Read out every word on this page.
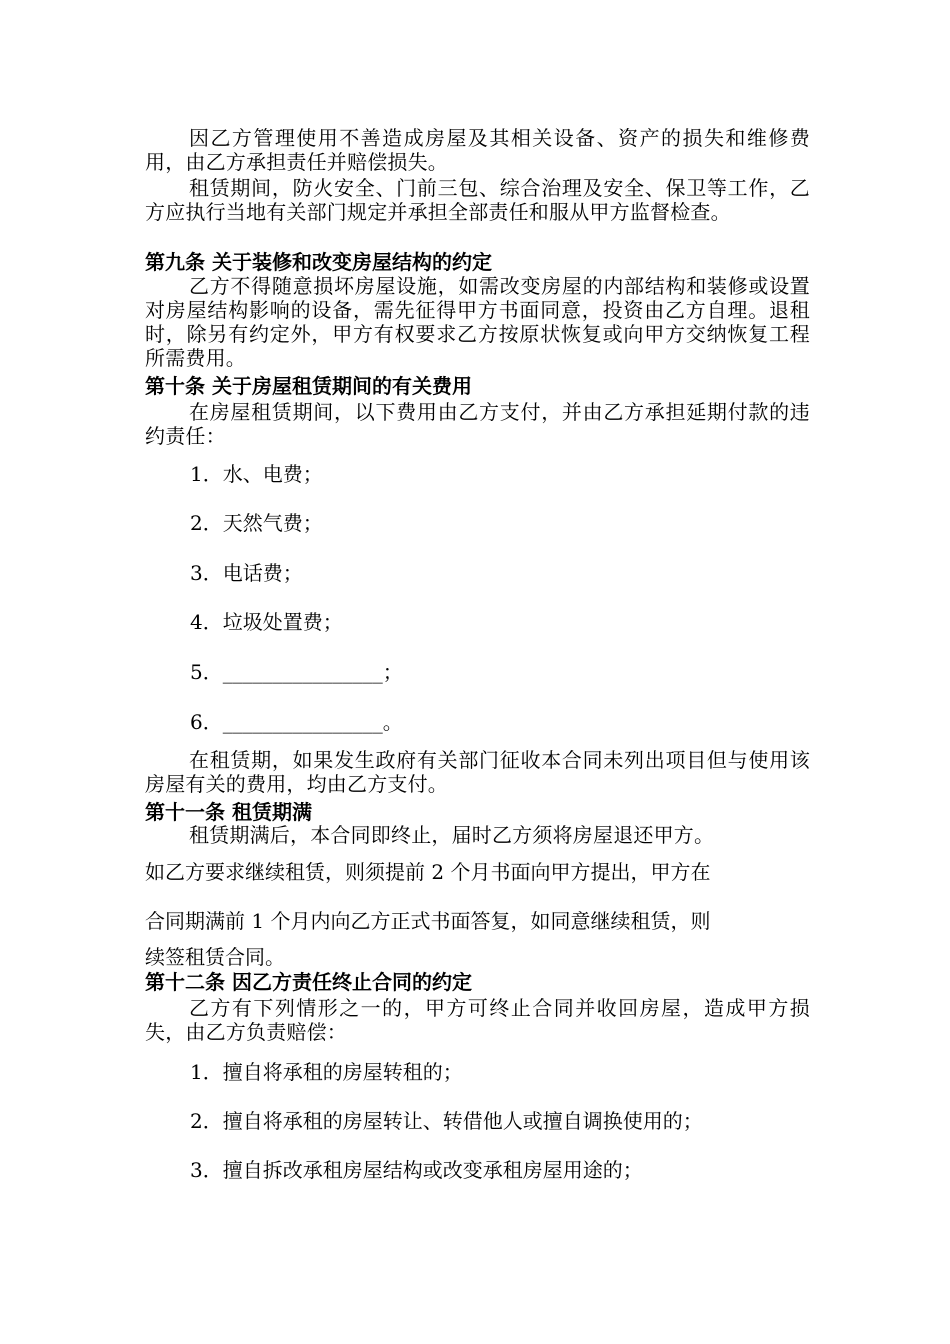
因乙方管理使用不善造成房屋及其相关设备、资产的损失和维修费用，由乙方承担责任并赔偿损失。
租赁期间，防火安全、门前三包、综合治理及安全、保卫等工作，乙方应执行当地有关部门规定并承担全部责任和服从甲方监督检查。
第九条 关于装修和改变房屋结构的约定
乙方不得随意损坏房屋设施，如需改变房屋的内部结构和装修或设置对房屋结构影响的设备，需先征得甲方书面同意，投资由乙方自理。退租时，除另有约定外，甲方有权要求乙方按原状恢复或向甲方交纳恢复工程所需费用。
第十条 关于房屋租赁期间的有关费用
在房屋租赁期间，以下费用由乙方支付，并由乙方承担延期付款的违约责任：
1．水、电费；
2．天然气费；
3．电话费；
4．垃圾处置费；
5．________________；
6．________________。
在租赁期，如果发生政府有关部门征收本合同未列出项目但与使用该房屋有关的费用，均由乙方支付。
第十一条 租赁期满
租赁期满后，本合同即终止，届时乙方须将房屋退还甲方。
如乙方要求继续租赁，则须提前 2 个月书面向甲方提出，甲方在
合同期满前 1 个月内向乙方正式书面答复，如同意继续租赁，则
续签租赁合同。
第十二条 因乙方责任终止合同的约定
乙方有下列情形之一的，甲方可终止合同并收回房屋，造成甲方损失，由乙方负责赔偿：
1．擅自将承租的房屋转租的；
2．擅自将承租的房屋转让、转借他人或擅自调换使用的；
3．擅自拆改承租房屋结构或改变承租房屋用途的；
